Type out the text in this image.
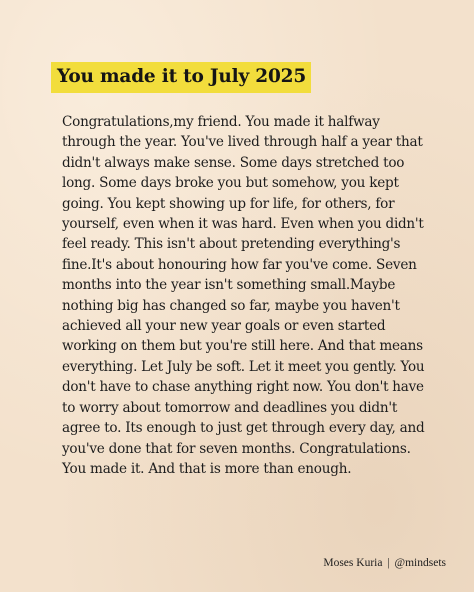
You made it to July 2025
Congratulations,my friend. You made it halfway
through the year. You've lived through half a year that
didn't always make sense. Some days stretched too
long. Some days broke you but somehow, you kept
going. You kept showing up for life, for others, for
yourself, even when it was hard. Even when you didn't
feel ready. This isn't about pretending everything's
fine.It's about honouring how far you've come. Seven
months into the year isn't something small.Maybe
nothing big has changed so far, maybe you haven't
achieved all your new year goals or even started
working on them but you're still here. And that means
everything. Let July be soft. Let it meet you gently. You
don't have to chase anything right now. You don't have
to worry about tomorrow and deadlines you didn't
agree to. Its enough to just get through every day, and
you've done that for seven months. Congratulations.
You made it. And that is more than enough.
Moses Kuria | @mindsets
